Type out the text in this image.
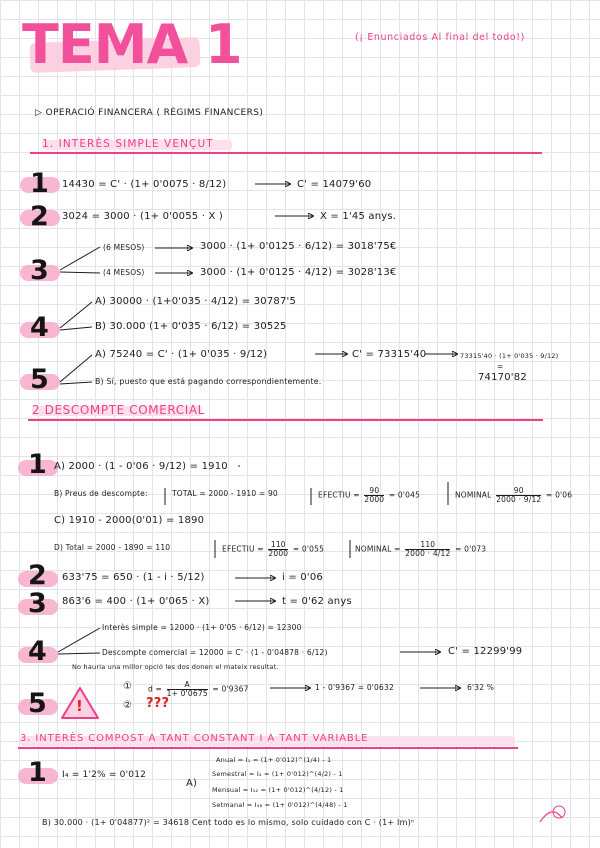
TEMA 1	(¡ Enunciados Al final del todo!)
▷ OPERACIÓ FINANCERA ( RÈGIMS FINANCERS)
1. INTERÈS SIMPLE VENÇUT
1 14430 = C' · (1+ 0'0075 · 8/12)	C' = 14079'60
2 3024 = 3000 · (1+ 0'0055 · X )	X = 1'45 anys.
3
(6 MESOS)	3000 · (1+ 0'0125 · 6/12) = 3018'75€
(4 MESOS)	3000 · (1+ 0'0125 · 4/12) = 3028'13€
4
A) 30000 · (1+0'035 · 4/12) = 30787'5
B) 30.000 (1+ 0'035 · 6/12) = 30525
5
A) 75240 = C' · (1+ 0'035 · 9/12)	C' = 73315'40	73315'40 · (1+ 0'035 · 9/12)
=
74170'82
B) Sí, puesto que está pagando correspondientemente.
2 DESCOMPTE COMERCIAL
1 A) 2000 · (1 - 0'06 · 9/12) = 1910
B) Preus de descompte:	TOTAL = 2000 - 1910 = 90	EFECTIU = $\frac{90}{2000} = 0'045$	NOMINAL $\frac{90}{2000 \cdot 9/12} = 0'06$
C) 1910 - 2000(0'01) = 1890
D) Total = 2000 - 1890 = 110	EFECTIU = $\frac{110}{2000} = 0'055$	NOMINAL = $\frac{110}{2000 \cdot 4/12} = 0'073$
2 633'75 = 650 · (1 - i · 5/12)	i = 0'06
3 863'6 = 400 · (1+ 0'065 · X)	t = 0'62 anys
4
Interès simple = 12000 · (1+ 0'05 · 6/12) = 12300
Descompte comercial = 12000 = C' · (1 - 0'04878 · 6/12)	C' = 12299'99
No hauria una millor opció les dos donen el mateix resultat.
5 !
① $d = \frac{A}{1+ 0'0675} = 0'9367$	1 - 0'9367 = 0'0632	6'32 %
② ???
3. INTERÈS COMPOST A TANT CONSTANT I A TANT VARIABLE
1 I₄ = 1'2% = 0'012
A)
Anual = I₁ = (1+ 0'012)^(1/4) - 1
Semestral = I₂ = (1+ 0'012)^(4/2) - 1
Mensual = I₁₂ = (1+ 0'012)^(4/12) - 1
Setmanal = I₄₈ = (1+ 0'012)^(4/48) - 1
B) 30.000 · (1+ 0'04877)² = 34618 Cent todo es lo mismo, solo cuidado con C · (1+ Im)ⁿ
